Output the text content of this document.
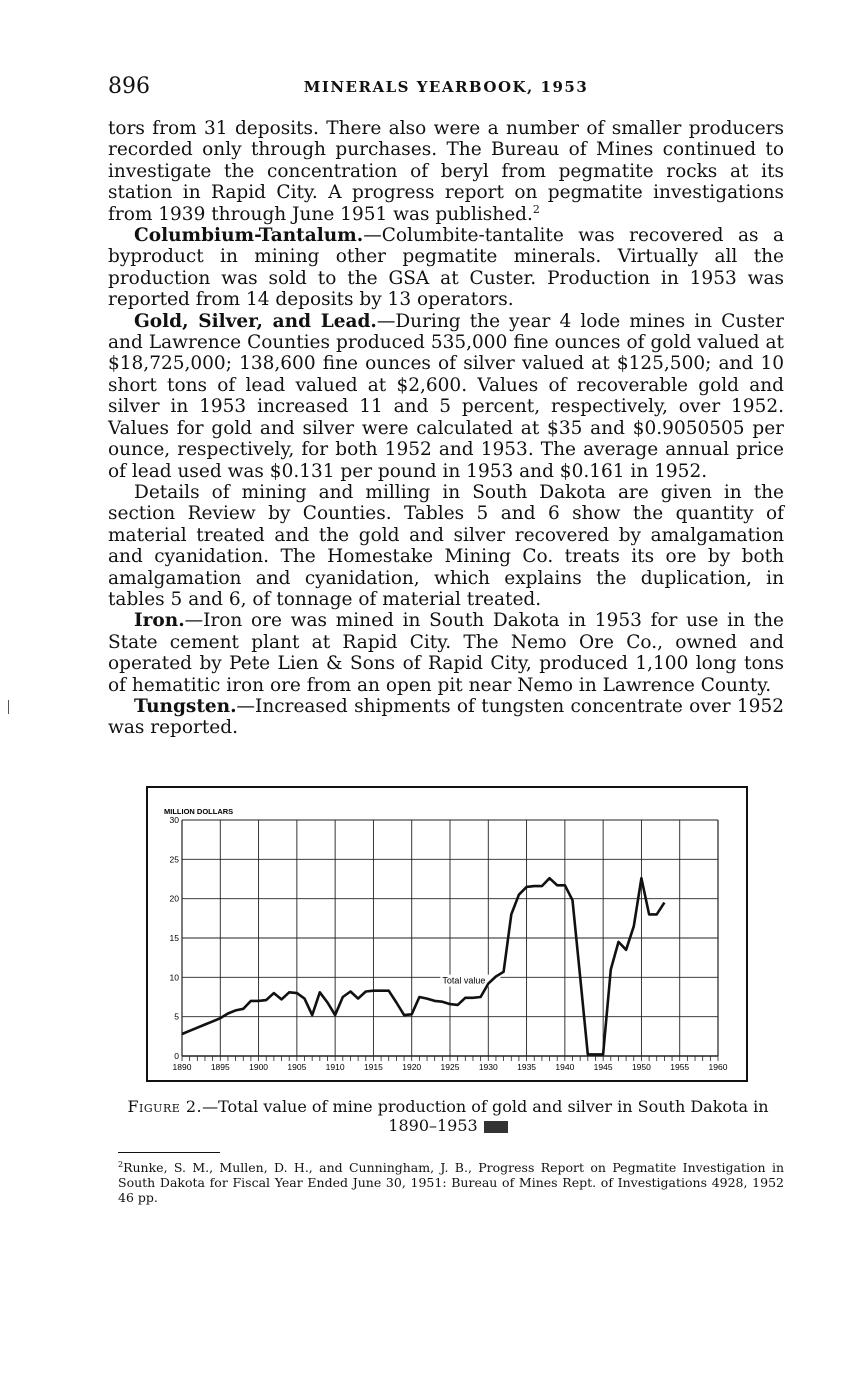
896	MINERALS YEARBOOK, 1953

tors from 31 deposits. There also were a number of smaller producers recorded only through purchases. The Bureau of Mines continued to investigate the concentration of beryl from pegmatite rocks at its station in Rapid City. A progress report on pegmatite investigations from 1939 through June 1951 was published.$^2$

Columbium-Tantalum.—Columbite-tantalite was recovered as a byproduct in mining other pegmatite minerals. Virtually all the production was sold to the GSA at Custer. Production in 1953 was reported from 14 deposits by 13 operators.

Gold, Silver, and Lead.—During the year 4 lode mines in Custer and Lawrence Counties produced 535,000 fine ounces of gold valued at $18,725,000; 138,600 fine ounces of silver valued at $125,500; and 10 short tons of lead valued at $2,600. Values of recoverable gold and silver in 1953 increased 11 and 5 percent, respectively, over 1952. Values for gold and silver were calculated at $35 and $0.9050505 per ounce, respectively, for both 1952 and 1953. The average annual price of lead used was $0.131 per pound in 1953 and $0.161 in 1952.

Details of mining and milling in South Dakota are given in the section Review by Counties. Tables 5 and 6 show the quantity of material treated and the gold and silver recovered by amalgamation and cyanidation. The Homestake Mining Co. treats its ore by both amalgamation and cyanidation, which explains the duplication, in tables 5 and 6, of tonnage of material treated.

Iron.—Iron ore was mined in South Dakota in 1953 for use in the State cement plant at Rapid City. The Nemo Ore Co., owned and operated by Pete Lien & Sons of Rapid City, produced 1,100 long tons of hematitic iron ore from an open pit near Nemo in Lawrence County.

Tungsten.—Increased shipments of tungsten concentrate over 1952 was reported.

1890 1895 1900 1905 1910 1915 1920 1925 1930 1935 1940 1945 1950 1955 1960
0
5
10
15
20
25
30
MILLION DOLLARS
Total value
Figure 2.—Total value of mine production of gold and silver in South Dakota in 1890–1953
$^2$Runke, S. M., Mullen, D. H., and Cunningham, J. B., Progress Report on Pegmatite Investigation in South Dakota for Fiscal Year Ended June 30, 1951: Bureau of Mines Rept. of Investigations 4928, 1952 46 pp.
